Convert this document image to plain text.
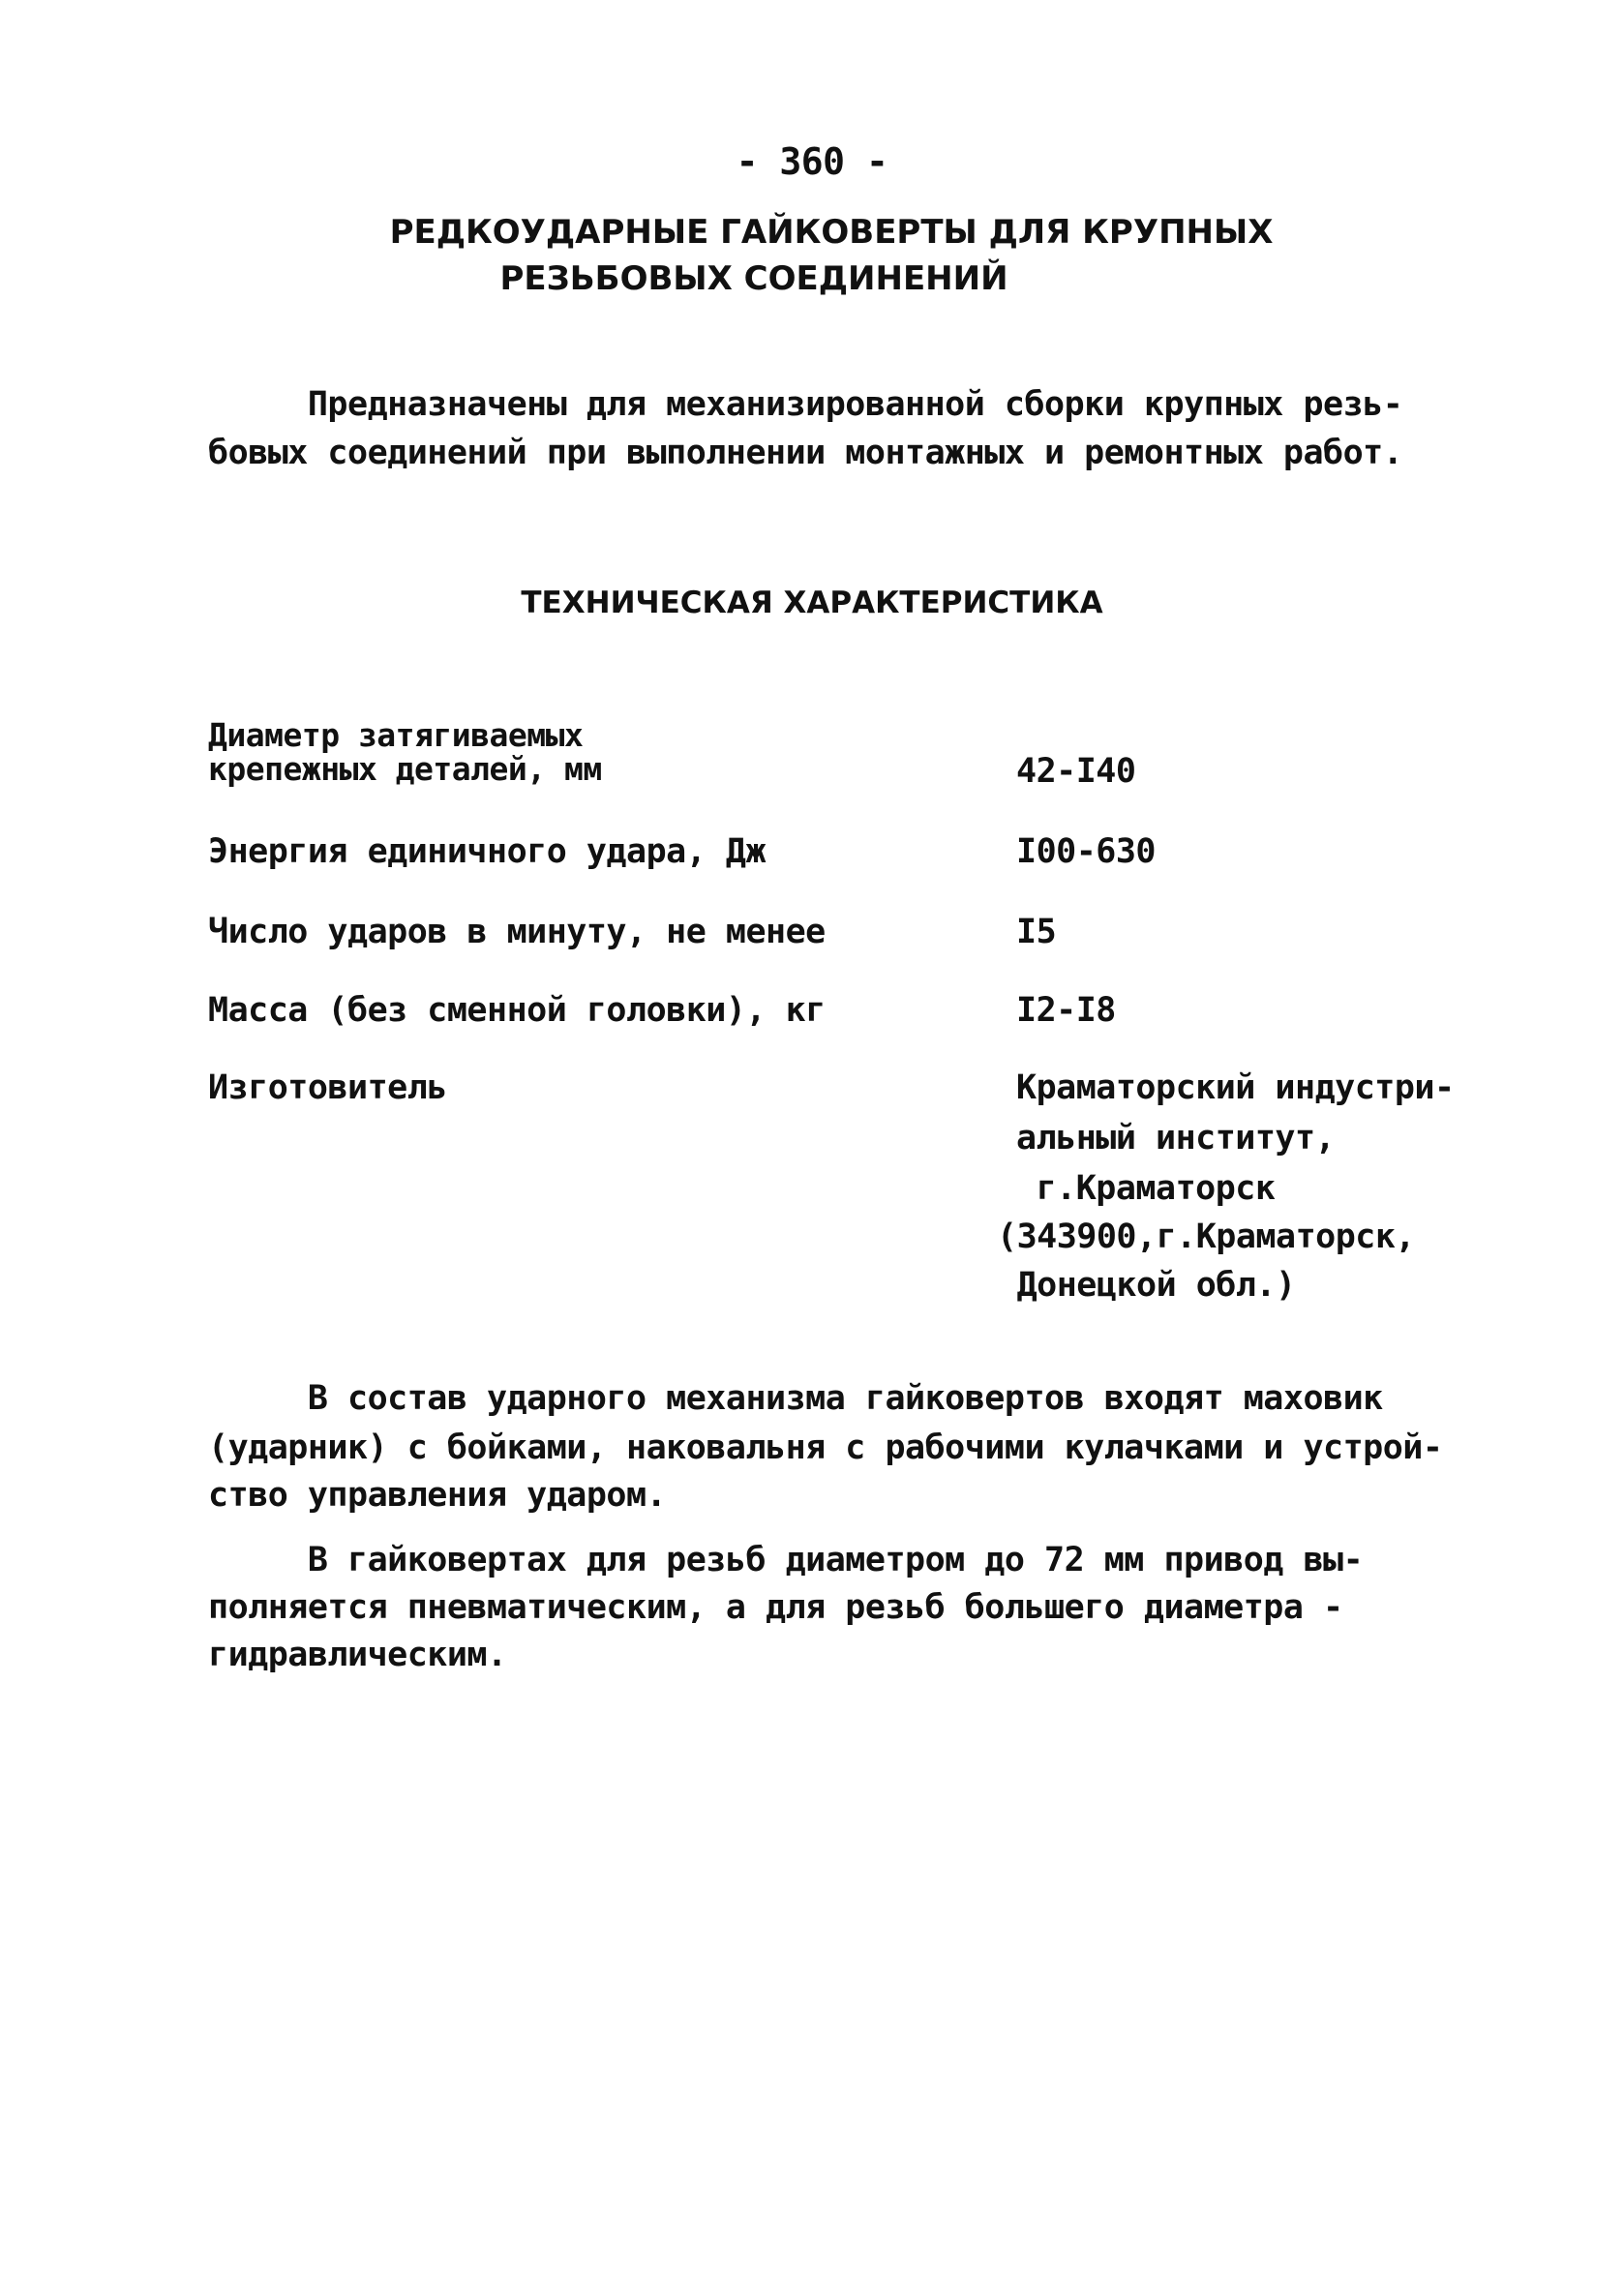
- 360 -
РЕДКОУДАРНЫЕ ГАЙКОВЕРТЫ ДЛЯ КРУПНЫХ
РЕЗЬБОВЫХ СОЕДИНЕНИЙ
Предназначены для механизированной сборки крупных резь-
бовых соединений при выполнении монтажных и ремонтных работ.
ТЕХНИЧЕСКАЯ ХАРАКТЕРИСТИКА
Диаметр затягиваемых
крепежных деталей, мм	42-I40
Энергия единичного удара, Дж	I00-630
Число ударов в минуту, не менее	I5
Масса (без сменной головки), кг	I2-I8
Изготовитель	Краматорский индустри-
альный институт,
г.Краматорск
(343900,г.Краматорск,
Донецкой обл.)
В состав ударного механизма гайковертов входят маховик
(ударник) с бойками, наковальня с рабочими кулачками и устрой-
ство управления ударом.
В гайковертах для резьб диаметром до 72 мм привод вы-
полняется пневматическим, а для резьб большего диаметра -
гидравлическим.
